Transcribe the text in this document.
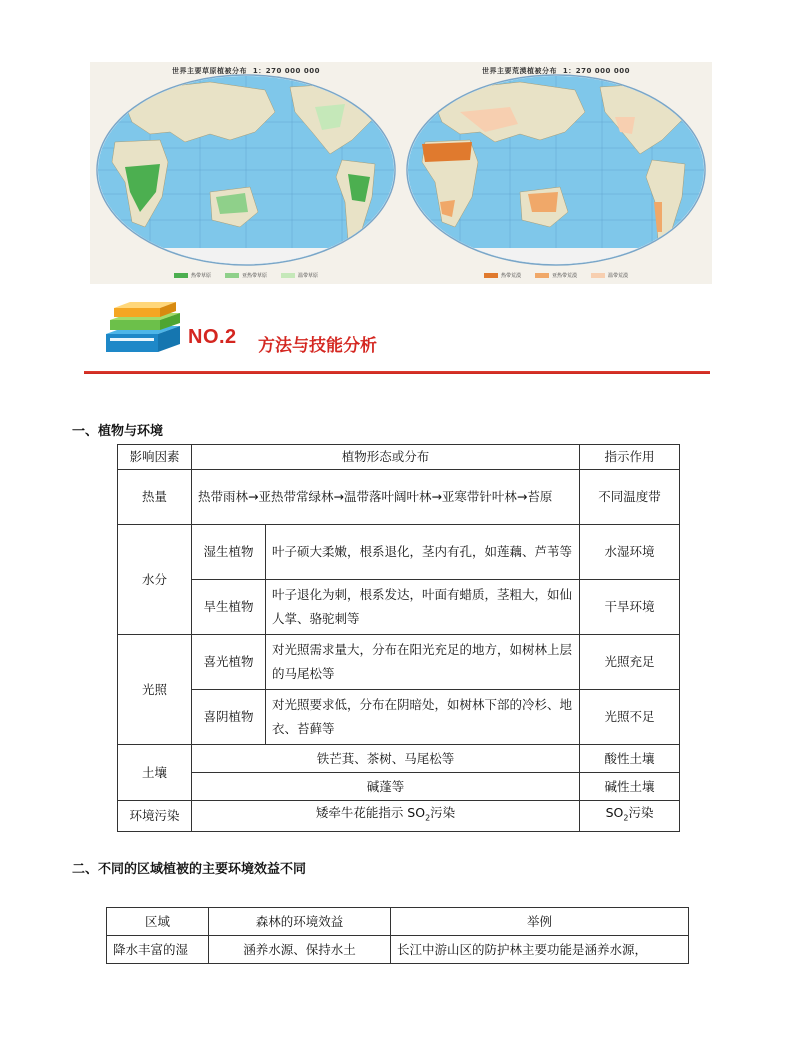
世界主要草原植被分布 1：270 000 000
热带草原	亚热带草原	温带草原
世界主要荒漠植被分布 1：270 000 000
热带荒漠	亚热带荒漠	温带荒漠
NO.2 方法与技能分析
一、植物与环境
影响因素	植物形态或分布		指示作用
热量	热带雨林→亚热带常绿林→温带落叶阔叶林→亚寒带针叶林→苔原		不同温度带
水分	湿生植物	叶子硕大柔嫩，根系退化，茎内有孔，如莲藕、芦苇等	水湿环境
	旱生植物	叶子退化为刺，根系发达，叶面有蜡质，茎粗大，如仙人掌、骆驼刺等	干旱环境
光照	喜光植物	对光照需求量大，分布在阳光充足的地方，如树林上层的马尾松等	光照充足
	喜阴植物	对光照要求低，分布在阴暗处，如树林下部的冷杉、地衣、苔藓等	光照不足
土壤	铁芒萁、茶树、马尾松等		酸性土壤
	碱蓬等		碱性土壤
环境污染	矮牵牛花能指示 $SO_2$污染		$SO_2$污染
二、不同的区域植被的主要环境效益不同
区域	森林的环境效益	举例
降水丰富的湿	涵养水源、保持水土	长江中游山区的防护林主要功能是涵养水源，
